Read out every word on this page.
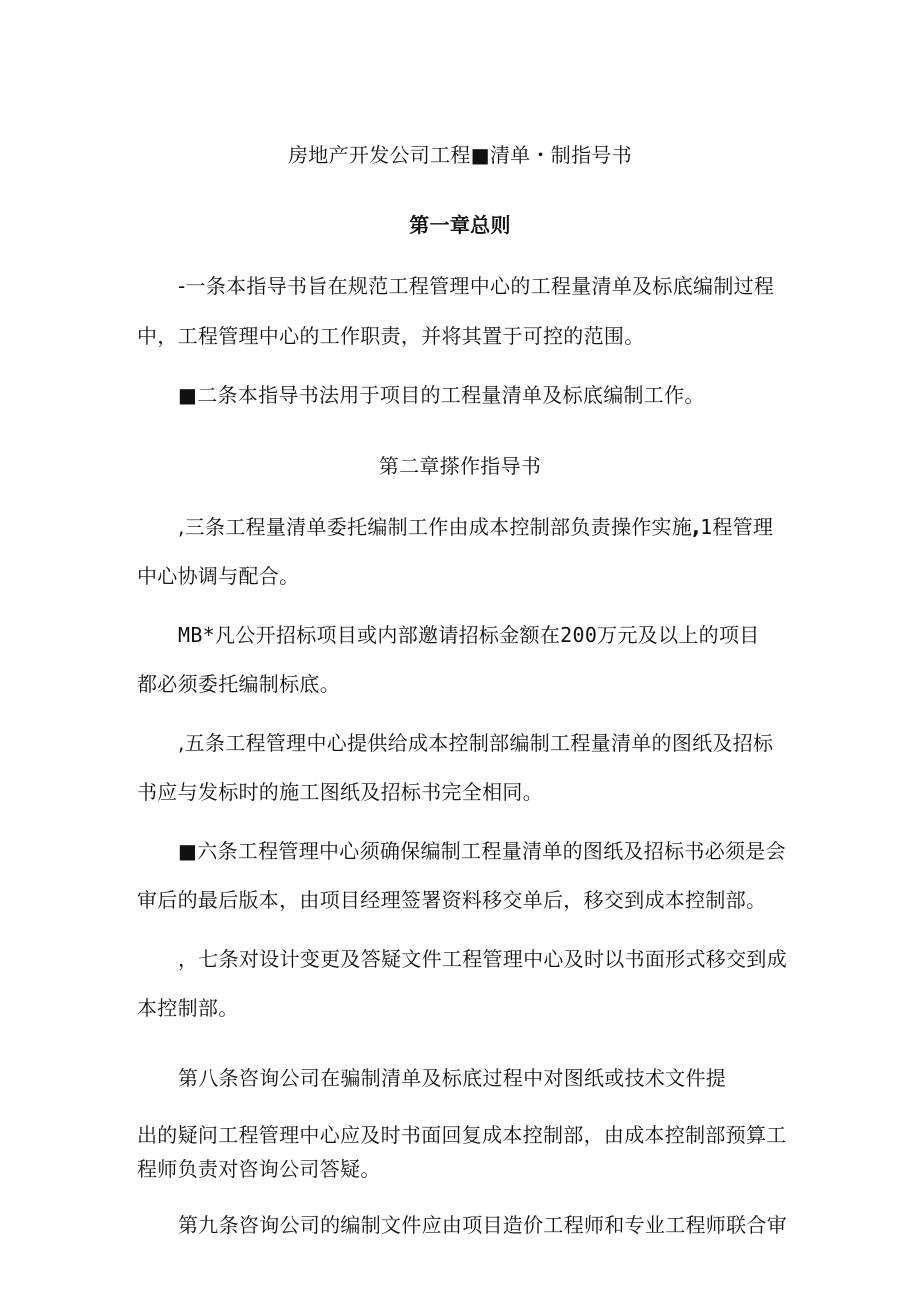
房地产开发公司工程■清单・制指号书
第一章总则
-一条本指导书旨在规范工程管理中心的工程量清单及标底编制过程
中，工程管理中心的工作职责，并将其置于可控的范围。
■二条本指导书法用于项目的工程量清单及标底编制工作。
第二章搽作指导书
,三条工程量清单委托编制工作由成本控制部负责操作实施,1程管理
中心协调与配合。
MB*凡公开招标项目或内部邀请招标金额在200万元及以上的项目
都必须委托编制标底。
,五条工程管理中心提供给成本控制部编制工程量清单的图纸及招标
书应与发标时的施工图纸及招标书完全相同。
■六条工程管理中心须确保编制工程量清单的图纸及招标书必须是会
审后的最后版本，由项目经理签署资料移交单后，移交到成本控制部。
，七条对设计变更及答疑文件工程管理中心及时以书面形式移交到成
本控制部。
第八条咨询公司在骗制清单及标底过程中对图纸或技术文件提
出的疑问工程管理中心应及时书面回复成本控制部，由成本控制部预算工
程师负责对咨询公司答疑。
第九条咨询公司的编制文件应由项目造价工程师和专业工程师联合审
